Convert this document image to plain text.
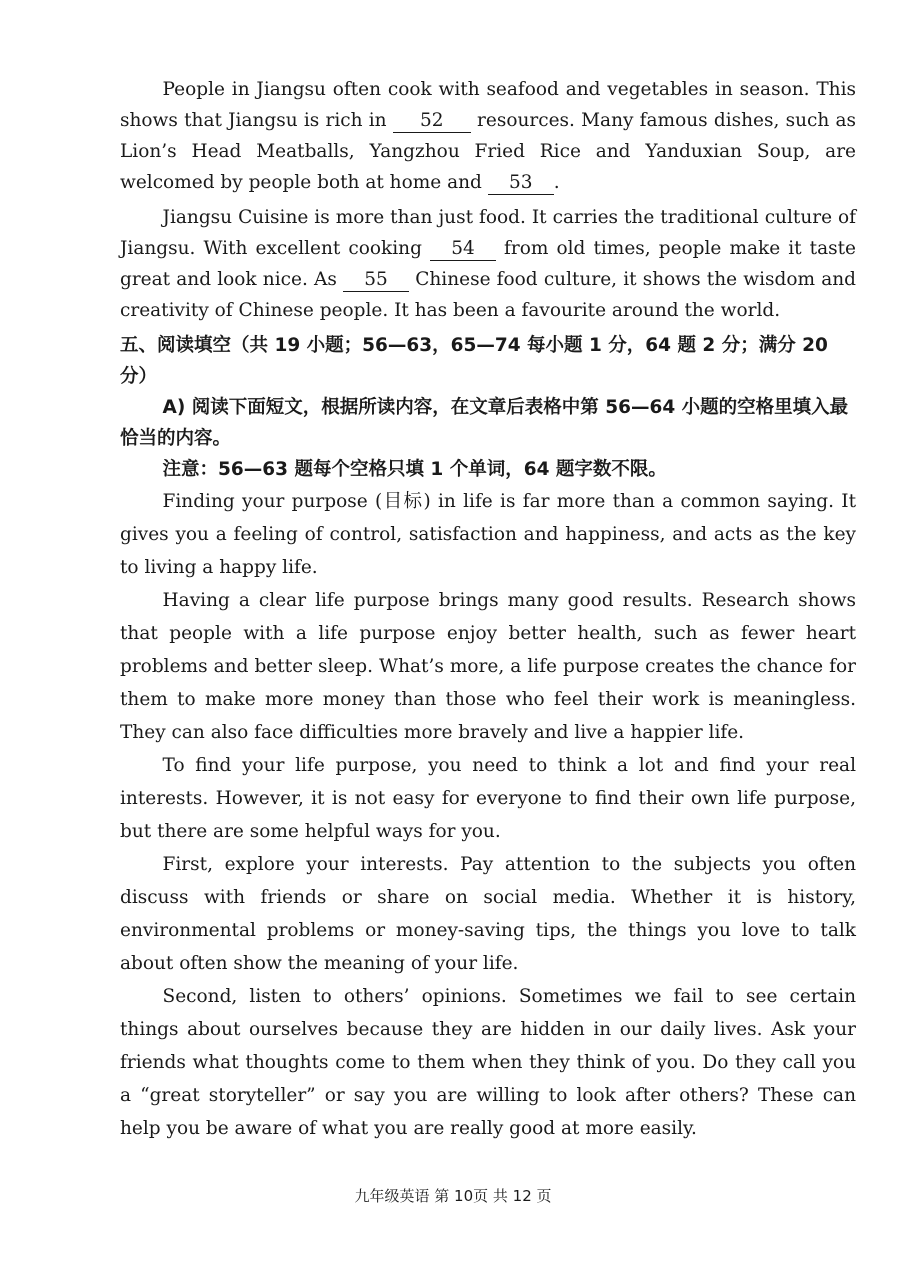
People in Jiangsu often cook with seafood and vegetables in season. This shows that Jiangsu is rich in 52 resources. Many famous dishes, such as Lion’s Head Meatballs, Yangzhou Fried Rice and Yanduxian Soup, are welcomed by people both at home and 53 .

Jiangsu Cuisine is more than just food. It carries the traditional culture of Jiangsu. With excellent cooking 54 from old times, people make it taste great and look nice. As 55 Chinese food culture, it shows the wisdom and creativity of Chinese people. It has been a favourite around the world.

五、阅读填空（共 19 小题；56—63，65—74 每小题 1 分，64 题 2 分；满分 20 分）

A) 阅读下面短文，根据所读内容，在文章后表格中第 56—64 小题的空格里填入最恰当的内容。

注意：56—63 题每个空格只填 1 个单词，64 题字数不限。

Finding your purpose (目标) in life is far more than a common saying. It gives you a feeling of control, satisfaction and happiness, and acts as the key to living a happy life.

Having a clear life purpose brings many good results. Research shows that people with a life purpose enjoy better health, such as fewer heart problems and better sleep. What’s more, a life purpose creates the chance for them to make more money than those who feel their work is meaningless. They can also face difficulties more bravely and live a happier life.

To find your life purpose, you need to think a lot and find your real interests. However, it is not easy for everyone to find their own life purpose, but there are some helpful ways for you.

First, explore your interests. Pay attention to the subjects you often discuss with friends or share on social media. Whether it is history, environmental problems or money-saving tips, the things you love to talk about often show the meaning of your life.

Second, listen to others’ opinions. Sometimes we fail to see certain things about ourselves because they are hidden in our daily lives. Ask your friends what thoughts come to them when they think of you. Do they call you a “great storyteller” or say you are willing to look after others? These can help you be aware of what you are really good at more easily.

九年级英语 第 10页 共 12 页
